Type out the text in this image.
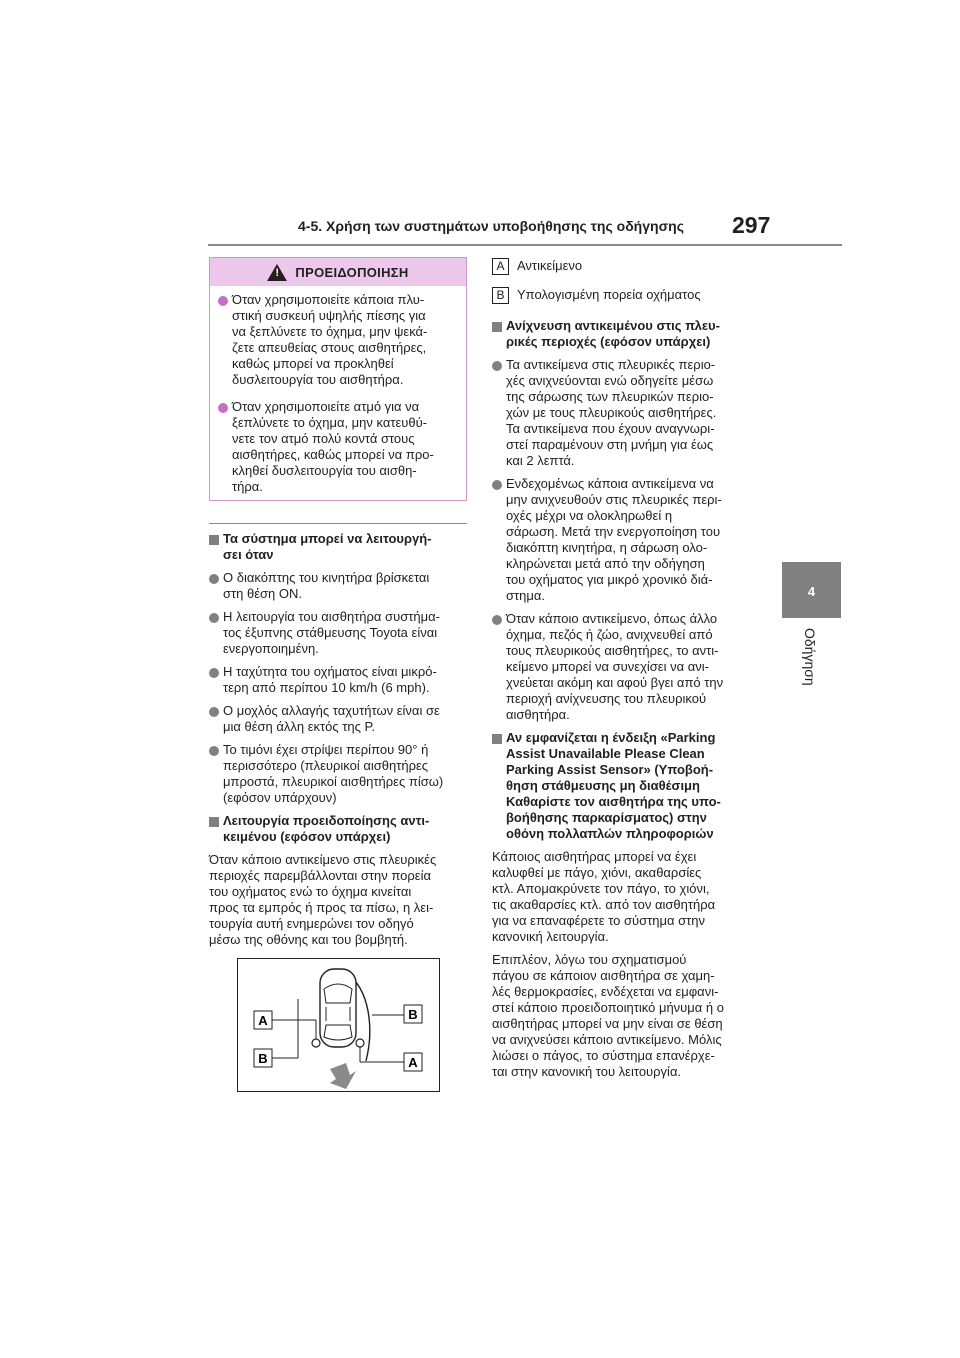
4-5. Χρήση των συστημάτων υποβοήθησης της οδήγησης 297
4
Οδήγηση
!
ΠΡΟΕΙΔΟΠΟΙΗΣΗ
Όταν χρησιμοποιείτε κάποια πλυ-
στική συσκευή υψηλής πίεσης για
να ξεπλύνετε το όχημα, μην ψεκά-
ζετε απευθείας στους αισθητήρες,
καθώς μπορεί να προκληθεί
δυσλειτουργία του αισθητήρα.
Όταν χρησιμοποιείτε ατμό για να
ξεπλύνετε το όχημα, μην κατευθύ-
νετε τον ατμό πολύ κοντά στους
αισθητήρες, καθώς μπορεί να προ-
κληθεί δυσλειτουργία του αισθη-
τήρα.
Τα σύστημα μπορεί να λειτουργή-
σει όταν
Ο διακόπτης του κινητήρα βρίσκεται
στη θέση ON.
Η λειτουργία του αισθητήρα συστήμα-
τος έξυπνης στάθμευσης Toyota είναι
ενεργοποιημένη.
Η ταχύτητα του οχήματος είναι μικρό-
τερη από περίπου 10 km/h (6 mph).
Ο μοχλός αλλαγής ταχυτήτων είναι σε
μια θέση άλλη εκτός της P.
Το τιμόνι έχει στρίψει περίπου 90° ή
περισσότερο (πλευρικοί αισθητήρες
μπροστά, πλευρικοί αισθητήρες πίσω)
(εφόσον υπάρχουν)
Λειτουργία προειδοποίησης αντι-
κειμένου (εφόσον υπάρχει)
Όταν κάποιο αντικείμενο στις πλευρικές
περιοχές παρεμβάλλονται στην πορεία
του οχήματος ενώ το όχημα κινείται
προς τα εμπρός ή προς τα πίσω, η λει-
τουργία αυτή ενημερώνει τον οδηγό
μέσω της οθόνης και του βομβητή.
A
B
B
A
A Αντικείμενο
B Υπολογισμένη πορεία οχήματος
Ανίχνευση αντικειμένου στις πλευ-
ρικές περιοχές (εφόσον υπάρχει)
Τα αντικείμενα στις πλευρικές περιο-
χές ανιχνεύονται ενώ οδηγείτε μέσω
της σάρωσης των πλευρικών περιο-
χών με τους πλευρικούς αισθητήρες.
Τα αντικείμενα που έχουν αναγνωρι-
στεί παραμένουν στη μνήμη για έως
και 2 λεπτά.
Ενδεχομένως κάποια αντικείμενα να
μην ανιχνευθούν στις πλευρικές περι-
οχές μέχρι να ολοκληρωθεί η
σάρωση. Μετά την ενεργοποίηση του
διακόπτη κινητήρα, η σάρωση ολο-
κληρώνεται μετά από την οδήγηση
του οχήματος για μικρό χρονικό διά-
στημα.
Όταν κάποιο αντικείμενο, όπως άλλο
όχημα, πεζός ή ζώο, ανιχνευθεί από
τους πλευρικούς αισθητήρες, το αντι-
κείμενο μπορεί να συνεχίσει να ανι-
χνεύεται ακόμη και αφού βγει από την
περιοχή ανίχνευσης του πλευρικού
αισθητήρα.
Αν εμφανίζεται η ένδειξη «Parking
Assist Unavailable Please Clean
Parking Assist Sensor» (Υποβοή-
θηση στάθμευσης μη διαθέσιμη
Καθαρίστε τον αισθητήρα της υπο-
βοήθησης παρκαρίσματος) στην
οθόνη πολλαπλών πληροφοριών
Κάποιος αισθητήρας μπορεί να έχει
καλυφθεί με πάγο, χιόνι, ακαθαρσίες
κτλ. Απομακρύνετε τον πάγο, το χιόνι,
τις ακαθαρσίες κτλ. από τον αισθητήρα
για να επαναφέρετε το σύστημα στην
κανονική λειτουργία.
Επιπλέον, λόγω του σχηματισμού
πάγου σε κάποιον αισθητήρα σε χαμη-
λές θερμοκρασίες, ενδέχεται να εμφανι-
στεί κάποιο προειδοποιητικό μήνυμα ή ο
αισθητήρας μπορεί να μην είναι σε θέση
να ανιχνεύσει κάποιο αντικείμενο. Μόλις
λιώσει ο πάγος, το σύστημα επανέρχε-
ται στην κανονική του λειτουργία.
